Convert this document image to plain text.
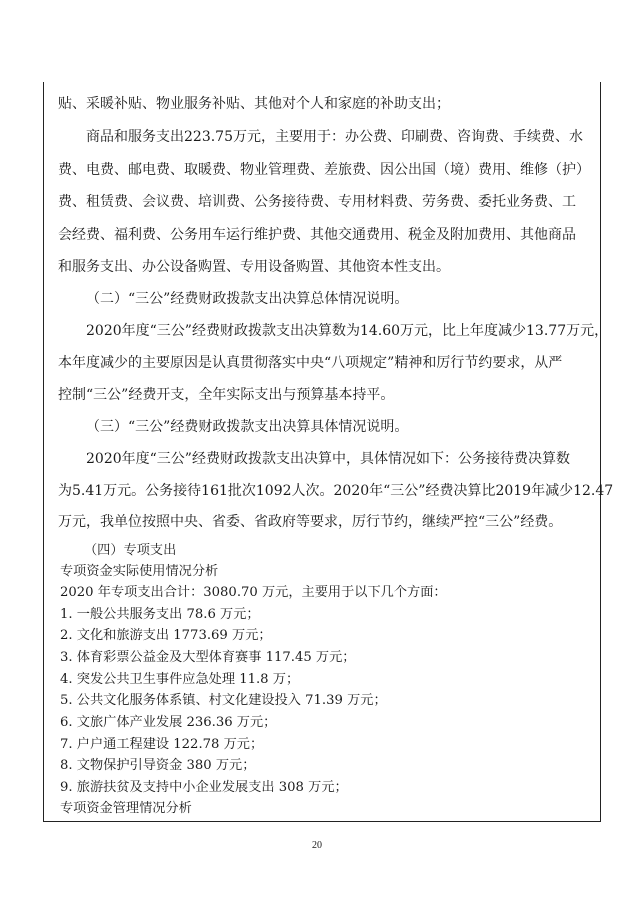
贴、采暖补贴、物业服务补贴、其他对个人和家庭的补助支出；
商品和服务支出223.75万元，主要用于：办公费、印刷费、咨询费、手续费、水
费、电费、邮电费、取暖费、物业管理费、差旅费、因公出国（境）费用、维修（护）
费、租赁费、会议费、培训费、公务接待费、专用材料费、劳务费、委托业务费、工
会经费、福利费、公务用车运行维护费、其他交通费用、税金及附加费用、其他商品
和服务支出、办公设备购置、专用设备购置、其他资本性支出。
（二）“三公”经费财政拨款支出决算总体情况说明。
2020年度“三公”经费财政拨款支出决算数为14.60万元，比上年度减少13.77万元，
本年度减少的主要原因是认真贯彻落实中央“八项规定”精神和厉行节约要求，从严
控制“三公”经费开支，全年实际支出与预算基本持平。
（三）“三公”经费财政拨款支出决算具体情况说明。
2020年度“三公”经费财政拨款支出决算中，具体情况如下：公务接待费决算数
为5.41万元。公务接待161批次1092人次。2020年“三公”经费决算比2019年减少12.47
万元，我单位按照中央、省委、省政府等要求，厉行节约，继续严控“三公”经费。
（四）专项支出
专项资金实际使用情况分析
2020 年专项支出合计：3080.70 万元，主要用于以下几个方面：
1. 一般公共服务支出 78.6 万元；
2. 文化和旅游支出 1773.69 万元；
3. 体育彩票公益金及大型体育赛事 117.45 万元；
4. 突发公共卫生事件应急处理 11.8 万；
5. 公共文化服务体系镇、村文化建设投入 71.39 万元；
6. 文旅广体产业发展 236.36 万元；
7. 户户通工程建设 122.78 万元；
8. 文物保护引导资金 380 万元；
9. 旅游扶贫及支持中小企业发展支出 308 万元；
专项资金管理情况分析
20
